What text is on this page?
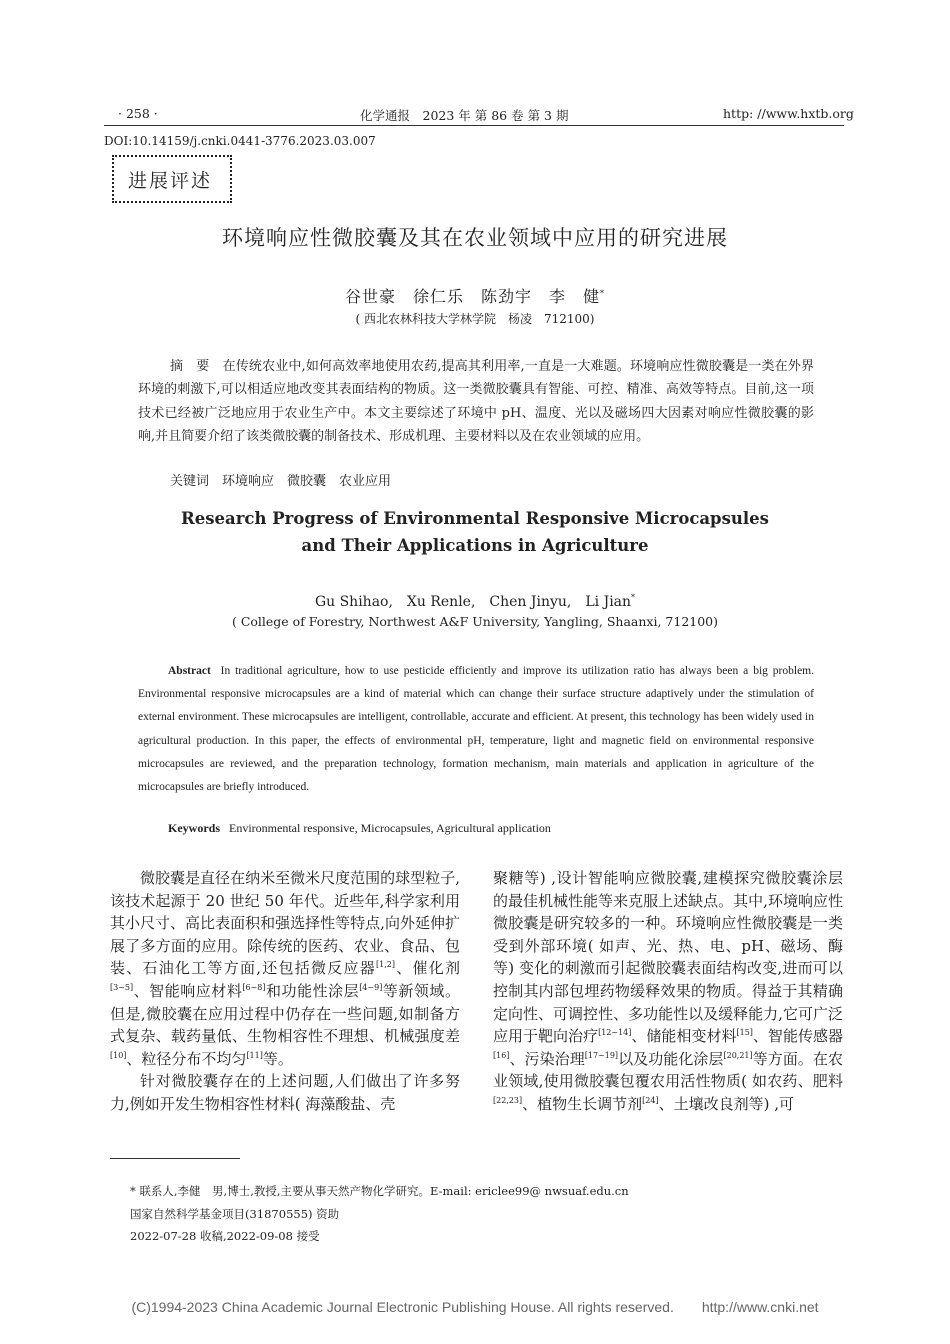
· 258 ·	化学通报　2023 年 第 86 卷 第 3 期	http: //www.hxtb.org
DOI:10.14159/j.cnki.0441-3776.2023.03.007
进展评述
环境响应性微胶囊及其在农业领域中应用的研究进展
谷世豪　徐仁乐　陈劲宇　李　健*
( 西北农林科技大学林学院　杨凌　712100)
摘　要　 在传统农业中,如何高效率地使用农药,提高其利用率,一直是一大难题。环境响应性微胶囊是一类在外界环境的刺激下,可以相适应地改变其表面结构的物质。这一类微胶囊具有智能、可控、精准、高效等特点。目前,这一项技术已经被广泛地应用于农业生产中。本文主要综述了环境中 pH、温度、光以及磁场四大因素对响应性微胶囊的影响,并且简要介绍了该类微胶囊的制备技术、形成机理、主要材料以及在农业领域的应用。
关键词　 环境响应　微胶囊　农业应用
Research Progress of Environmental Responsive Microcapsules
and Their Applications in Agriculture
Gu Shihao,　Xu Renle,　Chen Jinyu,　Li Jian*
( College of Forestry, Northwest A&F University, Yangling, Shaanxi, 712100)
Abstract In traditional agriculture, how to use pesticide efficiently and improve its utilization ratio has always been a big problem. Environmental responsive microcapsules are a kind of material which can change their surface structure adaptively under the stimulation of external environment. These microcapsules are intelligent, controllable, accurate and efficient. At present, this technology has been widely used in agricultural production. In this paper, the effects of environmental pH, temperature, light and magnetic field on environmental responsive microcapsules are reviewed, and the preparation technology, formation mechanism, main materials and application in agriculture of the microcapsules are briefly introduced.
Keywords Environmental responsive, Microcapsules, Agricultural application

微胶囊是直径在纳米至微米尺度范围的球型粒子,该技术起源于 20 世纪 50 年代。近些年,科学家利用其小尺寸、高比表面积和强选择性等特点,向外延伸扩展了多方面的应用。除传统的医药、农业、食品、包装、石油化工等方面,还包括微反应器[1,2]、催化剂[3~5]、智能响应材料[6~8]和功能性涂层[4~9]等新领域。但是,微胶囊在应用过程中仍存在一些问题,如制备方式复杂、载药量低、生物相容性不理想、机械强度差[10]、粒径分布不均匀[11]等。

针对微胶囊存在的上述问题,人们做出了许多努力,例如开发生物相容性材料( 海藻酸盐、壳

聚糖等) ,设计智能响应微胶囊,建模探究微胶囊涂层的最佳机械性能等来克服上述缺点。其中,环境响应性微胶囊是研究较多的一种。环境响应性微胶囊是一类受到外部环境( 如声、光、热、电、pH、磁场、酶等) 变化的刺激而引起微胶囊表面结构改变,进而可以控制其内部包埋药物缓释效果的物质。得益于其精确定向性、可调控性、多功能性以及缓释能力,它可广泛应用于靶向治疗[12~14]、储能相变材料[15]、智能传感器[16]、污染治理[17~19]以及功能化涂层[20,21]等方面。在农业领域,使用微胶囊包覆农用活性物质( 如农药、肥料[22,23]、植物生长调节剂[24]、土壤改良剂等) ,可

* 联系人,李健　男,博士,教授,主要从事天然产物化学研究。E-mail: ericlee99@ nwsuaf.edu.cn
国家自然科学基金项目(31870555) 资助
2022-07-28 收稿,2022-09-08 接受
(C)1994-2023 China Academic Journal Electronic Publishing House. All rights reserved.　　http://www.cnki.net
